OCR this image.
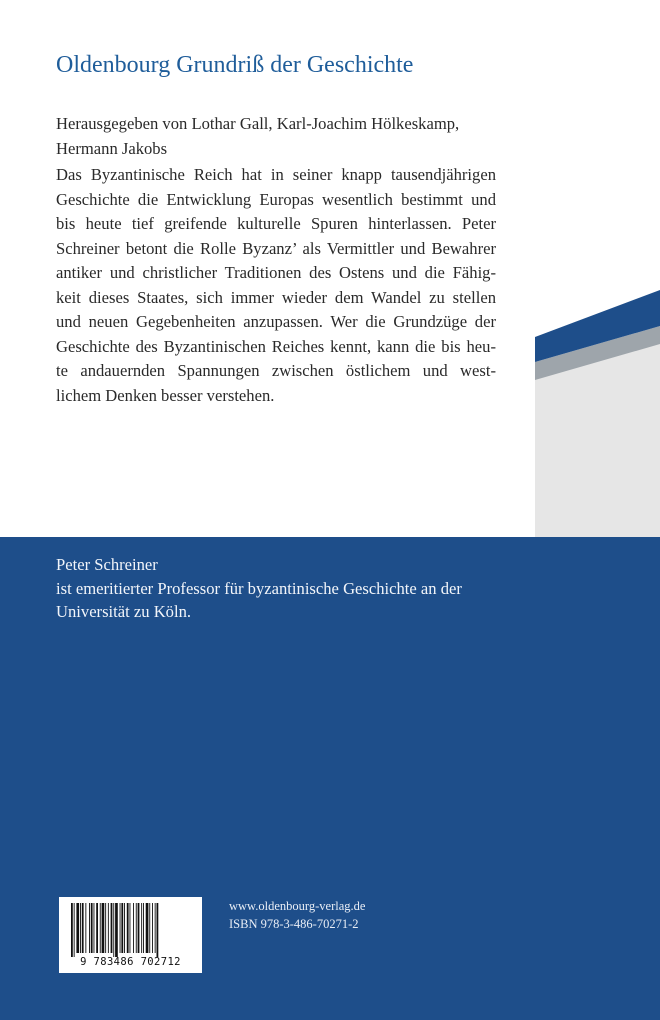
Oldenbourg Grundriß der Geschichte
Herausgegeben von Lothar Gall, Karl-Joachim Hölkeskamp,
Hermann Jakobs
Das Byzantinische Reich hat in seiner knapp tausendjährigen
Geschichte die Entwicklung Europas wesentlich bestimmt und
bis heute tief greifende kulturelle Spuren hinterlassen. Peter
Schreiner betont die Rolle Byzanz’ als Vermittler und Bewahrer
antiker und christlicher Traditionen des Ostens und die Fähig-
keit dieses Staates, sich immer wieder dem Wandel zu stellen
und neuen Gegebenheiten anzupassen. Wer die Grundzüge der
Geschichte des Byzantinischen Reiches kennt, kann die bis heu-
te andauernden Spannungen zwischen östlichem und west-
lichem Denken besser verstehen.
Peter Schreiner
ist emeritierter Professor für byzantinische Geschichte an der
Universität zu Köln.
9 783486 702712
www.oldenbourg-verlag.de
ISBN 978-3-486-70271-2
